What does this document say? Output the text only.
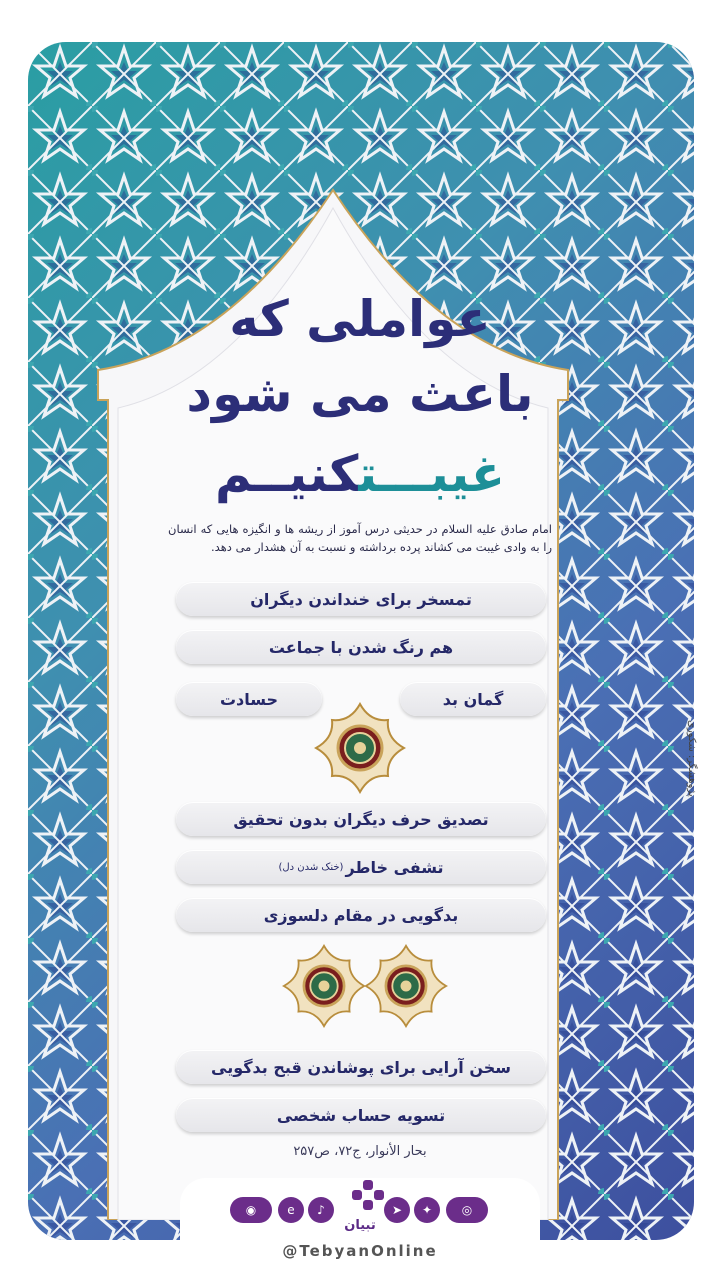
عواملی که
باعث می شود
غیبـــتکنیــم
امام صادق علیه السلام در حدیثی درس آموز از ریشه ها و انگیزه هایی که انسان را به وادی غیبت می کشاند پرده برداشته و نسبت به آن هشدار می دهد.
تمسخر برای خنداندن دیگران
هم رنگ شدن با جماعت
گمان بد
حسادت
تصدیق حرف دیگران بدون تحقیق
تشفی خاطر
(خنک شدن دل)
بدگویی در مقام دلسوزی
سخن آرایی برای پوشاندن قبح بدگویی
تسویه حساب شخصی
بحار الأنوار، ج۷۲، ص۲۵۷
پژوهشگر: شکوری
◉	e	♪
تبیان
➤	✦	◎
@TebyanOnline
